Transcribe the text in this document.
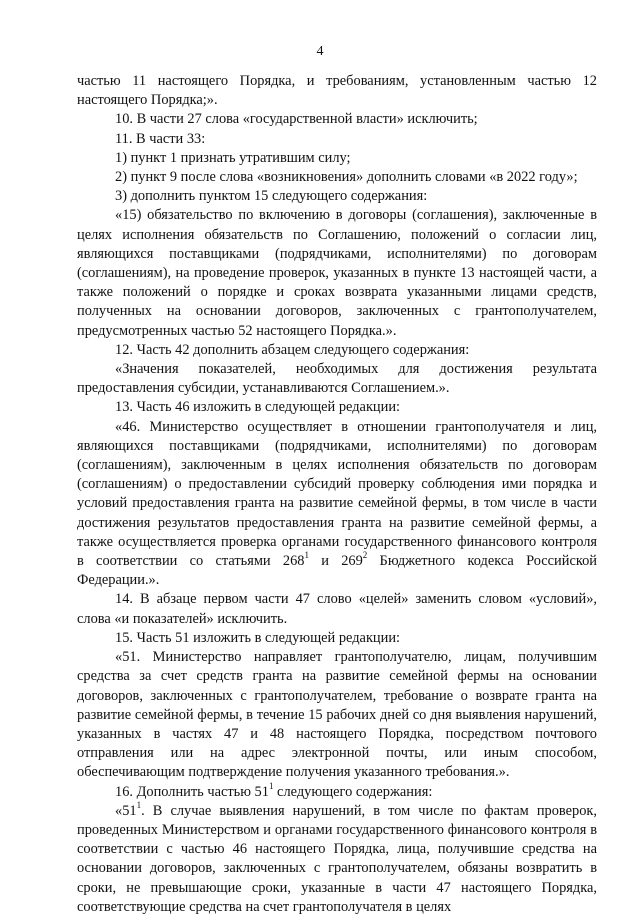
4

частью 11 настоящего Порядка, и требованиям, установленным частью 12 настоящего Порядка;».

10. В части 27 слова «государственной власти» исключить;

11. В части 33:

1) пункт 1 признать утратившим силу;

2) пункт 9 после слова «возникновения» дополнить словами «в 2022 году»;

3) дополнить пунктом 15 следующего содержания:

«15) обязательство по включению в договоры (соглашения), заключенные в целях исполнения обязательств по Соглашению, положений о согласии лиц, являющихся поставщиками (подрядчиками, исполнителями) по договорам (соглашениям), на проведение проверок, указанных в пункте 13 настоящей части, а также положений о порядке и сроках возврата указанными лицами средств, полученных на основании договоров, заключенных с грантополучателем, предусмотренных частью 52 настоящего Порядка.».

12. Часть 42 дополнить абзацем следующего содержания:

«Значения показателей, необходимых для достижения результата предоставления субсидии, устанавливаются Соглашением.».

13. Часть 46 изложить в следующей редакции:

«46. Министерство осуществляет в отношении грантополучателя и лиц, являющихся поставщиками (подрядчиками, исполнителями) по договорам (соглашениям), заключенным в целях исполнения обязательств по договорам (соглашениям) о предоставлении субсидий проверку соблюдения ими порядка и условий предоставления гранта на развитие семейной фермы, в том числе в части достижения результатов предоставления гранта на развитие семейной фермы, а также осуществляется проверка органами государственного финансового контроля в соответствии со статьями $268^1$ и $269^2$ Бюджетного кодекса Российской Федерации.».

14. В абзаце первом части 47 слово «целей» заменить словом «условий», слова «и показателей» исключить.

15. Часть 51 изложить в следующей редакции:

«51. Министерство направляет грантополучателю, лицам, получившим средства за счет средств гранта на развитие семейной фермы на основании договоров, заключенных с грантополучателем, требование о возврате гранта на развитие семейной фермы, в течение 15 рабочих дней со дня выявления нарушений, указанных в частях 47 и 48 настоящего Порядка, посредством почтового отправления или на адрес электронной почты, или иным способом, обеспечивающим подтверждение получения указанного требования.».

16. Дополнить частью $51^1$ следующего содержания:

«$51^1$. В случае выявления нарушений, в том числе по фактам проверок, проведенных Министерством и органами государственного финансового контроля в соответствии с частью 46 настоящего Порядка, лица, получившие средства на основании договоров, заключенных с грантополучателем, обязаны возвратить в сроки, не превышающие сроки, указанные в части 47 настоящего Порядка, соответствующие средства на счет грантополучателя в целях
